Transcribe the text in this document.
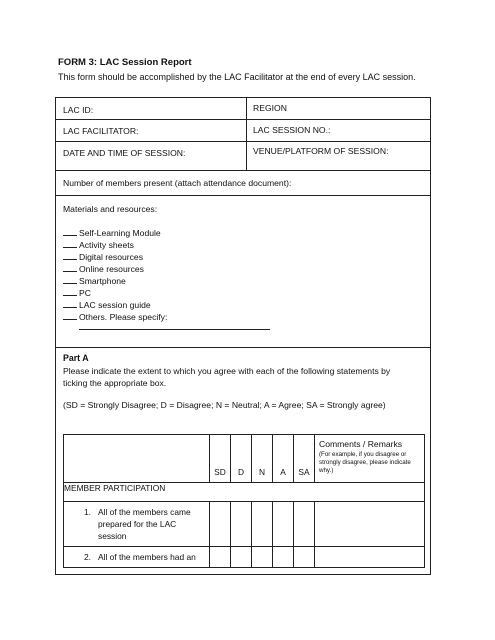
FORM 3: LAC Session Report
This form should be accomplished by the LAC Facilitator at the end of every LAC session.
LAC ID:	REGION
LAC FACILITATOR:	LAC SESSION NO.:
DATE AND TIME OF SESSION:	VENUE/PLATFORM OF SESSION:
Number of members present (attach attendance document):
Materials and resources:
Self-Learning Module
Activity sheets
Digital resources
Online resources
Smartphone
PC
LAC session guide
Others. Please specify:
Part A
Please indicate the extent to which you agree with each of the following statements by ticking the appropriate box.
(SD = Strongly Disagree; D = Disagree; N = Neutral; A = Agree; SA = Strongly agree)
	SD	D	N	A	SA	Comments / Remarks
(For example, if you disagree or strongly disagree, please indicate why.)

MEMBER PARTICIPATION						

1. All of the members came prepared for the LAC session						

2. All of the members had an						
